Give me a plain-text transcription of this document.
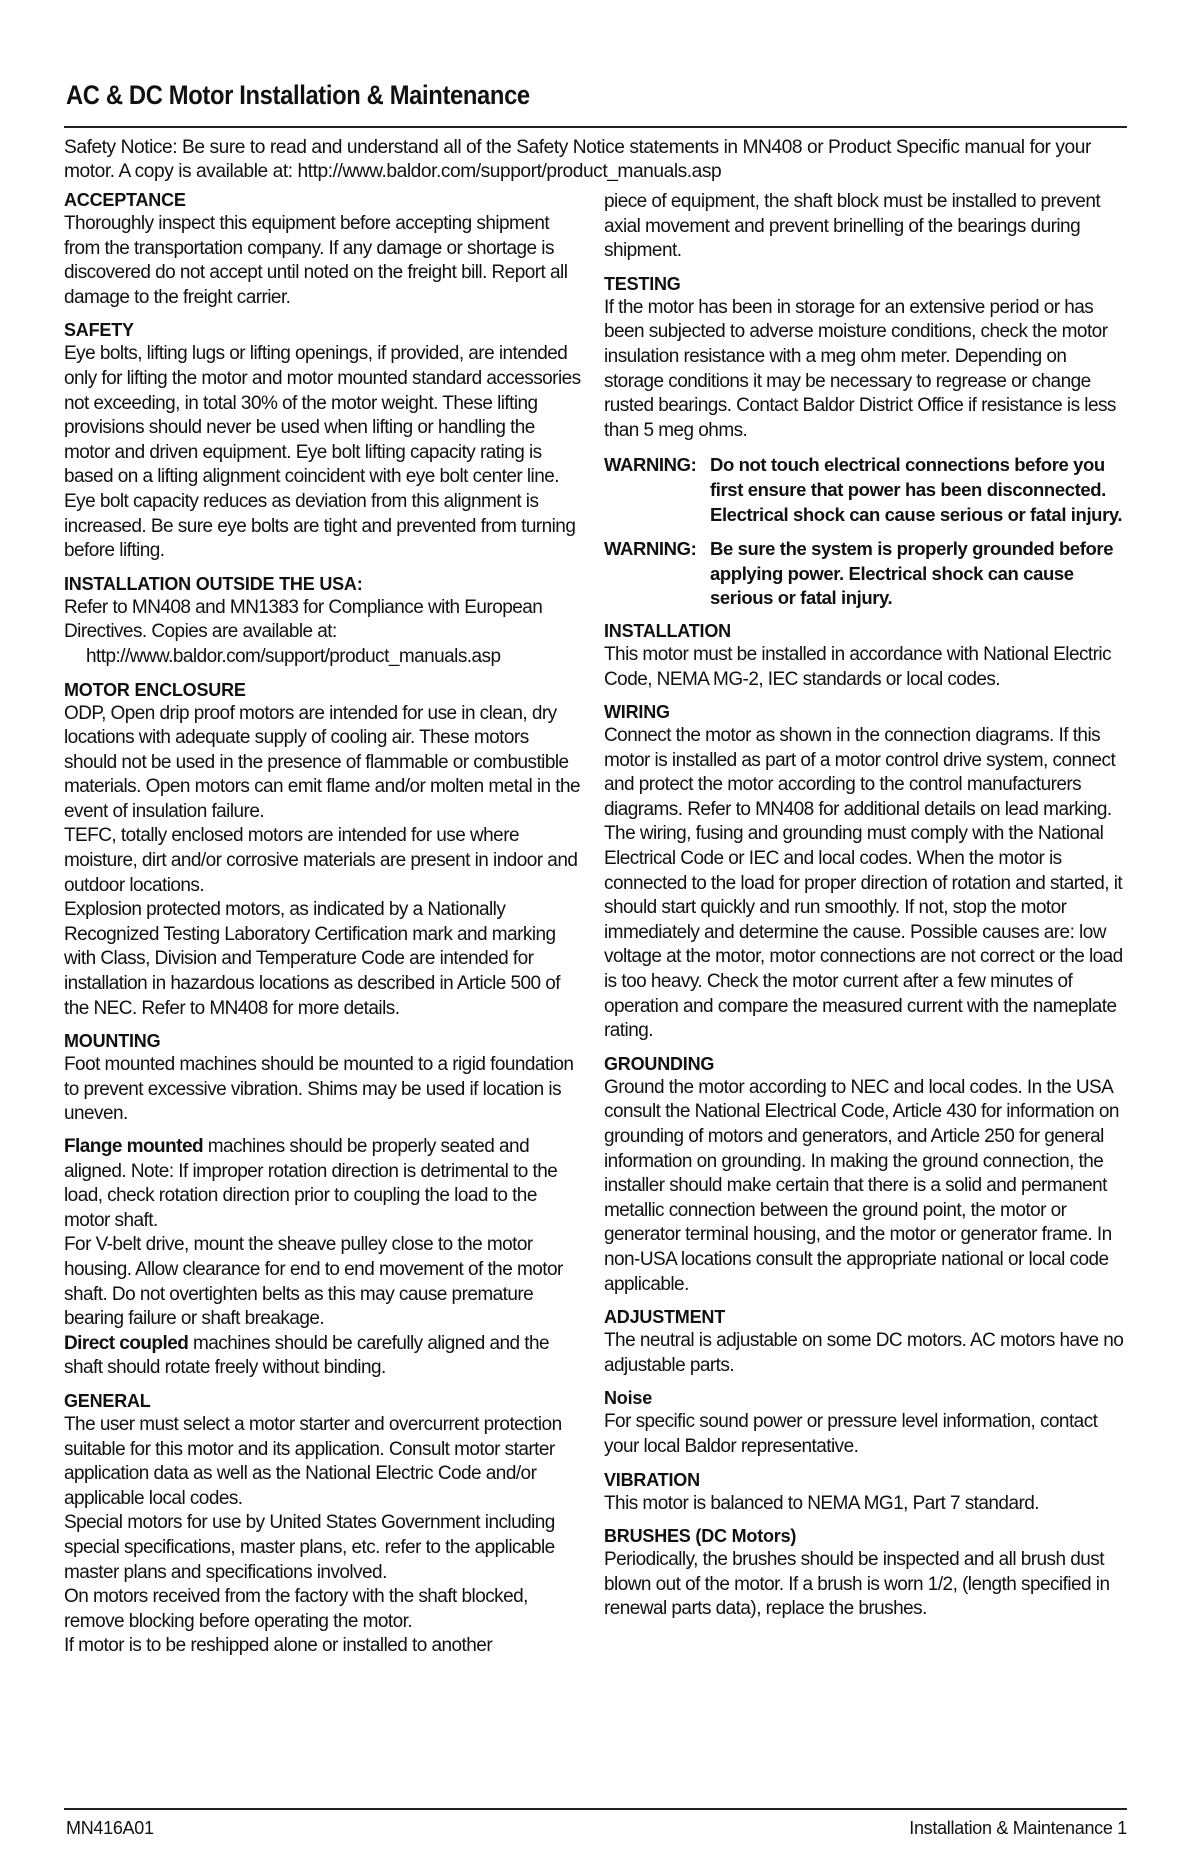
AC & DC Motor Installation & Maintenance

Safety Notice: Be sure to read and understand all of the Safety Notice statements in MN408 or Product Specific manual for your motor. A copy is available at: http://www.baldor.com/support/product_manuals.asp

ACCEPTANCE

Thoroughly inspect this equipment before accepting shipment from the transportation company. If any damage or shortage is discovered do not accept until noted on the freight bill. Report all damage to the freight carrier.

SAFETY

Eye bolts, lifting lugs or lifting openings, if provided, are intended only for lifting the motor and motor mounted standard accessories not exceeding, in total 30% of the motor weight. These lifting provisions should never be used when lifting or handling the motor and driven equipment. Eye bolt lifting capacity rating is based on a lifting alignment coincident with eye bolt center line. Eye bolt capacity reduces as deviation from this alignment is increased. Be sure eye bolts are tight and prevented from turning before lifting.

INSTALLATION OUTSIDE THE USA:

Refer to MN408 and MN1383 for Compliance with European Directives. Copies are available at:

http://www.baldor.com/support/product_manuals.asp

MOTOR ENCLOSURE

ODP, Open drip proof motors are intended for use in clean, dry locations with adequate supply of cooling air. These motors should not be used in the presence of flammable or combustible materials. Open motors can emit flame and/or molten metal in the event of insulation failure.

TEFC, totally enclosed motors are intended for use where moisture, dirt and/or corrosive materials are present in indoor and outdoor locations.

Explosion protected motors, as indicated by a Nationally Recognized Testing Laboratory Certification mark and marking with Class, Division and Temperature Code are intended for installation in hazardous locations as described in Article 500 of the NEC. Refer to MN408 for more details.

MOUNTING

Foot mounted machines should be mounted to a rigid foundation to prevent excessive vibration. Shims may be used if location is uneven.

Flange mounted machines should be properly seated and aligned. Note: If improper rotation direction is detrimental to the load, check rotation direction prior to coupling the load to the motor shaft.

For V-belt drive, mount the sheave pulley close to the motor housing. Allow clearance for end to end movement of the motor shaft. Do not overtighten belts as this may cause premature bearing failure or shaft breakage.

Direct coupled machines should be carefully aligned and the shaft should rotate freely without binding.

GENERAL

The user must select a motor starter and overcurrent protection suitable for this motor and its application. Consult motor starter application data as well as the National Electric Code and/or applicable local codes.

Special motors for use by United States Government including special specifications, master plans, etc. refer to the applicable master plans and specifications involved.

On motors received from the factory with the shaft blocked, remove blocking before operating the motor.

If motor is to be reshipped alone or installed to another

piece of equipment, the shaft block must be installed to prevent axial movement and prevent brinelling of the bearings during shipment.

TESTING

If the motor has been in storage for an extensive period or has been subjected to adverse moisture conditions, check the motor insulation resistance with a meg ohm meter. Depending on storage conditions it may be necessary to regrease or change rusted bearings. Contact Baldor District Office if resistance is less than 5 meg ohms.

WARNING: Do not touch electrical connections before you first ensure that power has been disconnected. Electrical shock can cause serious or fatal injury.
WARNING: Be sure the system is properly grounded before applying power. Electrical shock can cause serious or fatal injury.
INSTALLATION

This motor must be installed in accordance with National Electric Code, NEMA MG-2, IEC standards or local codes.

WIRING

Connect the motor as shown in the connection diagrams. If this motor is installed as part of a motor control drive system, connect and protect the motor according to the control manufacturers diagrams. Refer to MN408 for additional details on lead marking. The wiring, fusing and grounding must comply with the National Electrical Code or IEC and local codes. When the motor is connected to the load for proper direction of rotation and started, it should start quickly and run smoothly. If not, stop the motor immediately and determine the cause. Possible causes are: low voltage at the motor, motor connections are not correct or the load is too heavy. Check the motor current after a few minutes of operation and compare the measured current with the nameplate rating.

GROUNDING

Ground the motor according to NEC and local codes. In the USA consult the National Electrical Code, Article 430 for information on grounding of motors and generators, and Article 250 for general information on grounding. In making the ground connection, the installer should make certain that there is a solid and permanent metallic connection between the ground point, the motor or generator terminal housing, and the motor or generator frame. In non-USA locations consult the appropriate national or local code applicable.

ADJUSTMENT

The neutral is adjustable on some DC motors. AC motors have no adjustable parts.

Noise

For specific sound power or pressure level information, contact your local Baldor representative.

VIBRATION

This motor is balanced to NEMA MG1, Part 7 standard.

BRUSHES (DC Motors)

Periodically, the brushes should be inspected and all brush dust blown out of the motor. If a brush is worn 1/2, (length specified in renewal parts data), replace the brushes.

MN416A01	Installation & Maintenance 1
